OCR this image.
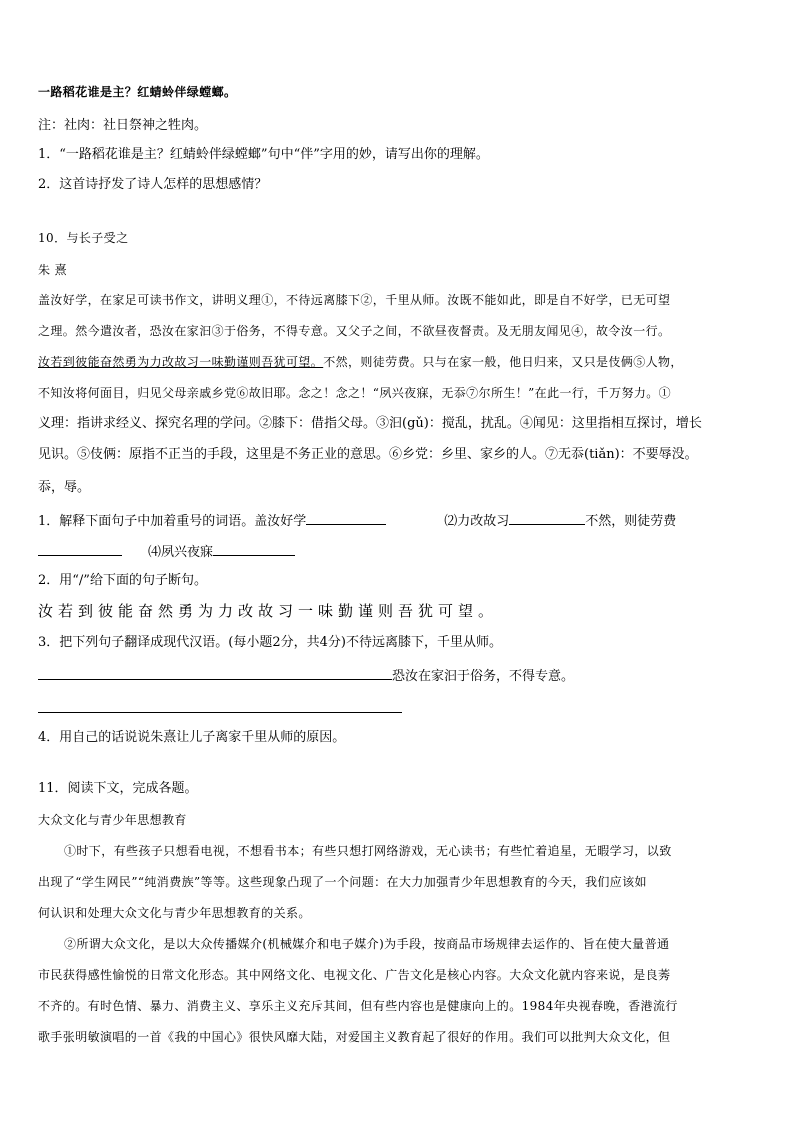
一路稻花谁是主？红蜻蛉伴绿螳螂。
注：社肉：社日祭神之牲肉。
1．“一路稻花谁是主？红蜻蛉伴绿螳螂”句中“伴”字用的妙，请写出你的理解。
2．这首诗抒发了诗人怎样的思想感情？
10．与长子受之
朱 熹
盖汝好学，在家足可读书作文，讲明义理①，不待远离膝下②，千里从师。汝既不能如此，即是自不好学，已无可望
之理。然今遣汝者，恐汝在家汩③于俗务，不得专意。又父子之间，不欲昼夜督责。及无朋友闻见④，故令汝一行。
汝若到彼能奋然勇为力改故习一味勤谨则吾犹可望。不然，则徒劳费。只与在家一般，他日归来，又只是伎俩⑤人物，
不知汝将何面目，归见父母亲戚乡党⑥故旧耶。念之！念之！“夙兴夜寐，无忝⑦尔所生！”在此一行，千万努力。①
义理：指讲求经义、探究名理的学问。②膝下：借指父母。③汩(gǔ)：搅乱，扰乱。④闻见：这里指相互探讨，增长
见识。⑤伎俩：原指不正当的手段，这里是不务正业的意思。⑥乡党：乡里、家乡的人。⑦无忝(tiǎn)：不要辱没。
忝，辱。
1．解释下面句子中加着重号的词语。盖汝好学	⑵力改故习	不然，则徒劳费
⑷夙兴夜寐
2．用“/”给下面的句子断句。
汝若到彼能奋然勇为力改故习一味勤谨则吾犹可望。
3．把下列句子翻译成现代汉语。(每小题2分，共4分)不待远离膝下，千里从师。
恐汝在家汩于俗务，不得专意。
4．用自己的话说说朱熹让儿子离家千里从师的原因。
11．阅读下文，完成各题。
大众文化与青少年思想教育
①时下，有些孩子只想看电视，不想看书本；有些只想打网络游戏，无心读书；有些忙着追星，无暇学习，以致
出现了“学生网民”“纯消费族”等等。这些现象凸现了一个问题：在大力加强青少年思想教育的今天，我们应该如
何认识和处理大众文化与青少年思想教育的关系。
②所谓大众文化，是以大众传播媒介(机械媒介和电子媒介)为手段，按商品市场规律去运作的、旨在使大量普通
市民获得感性愉悦的日常文化形态。其中网络文化、电视文化、广告文化是核心内容。大众文化就内容来说，是良莠
不齐的。有时色情、暴力、消费主义、享乐主义充斥其间，但有些内容也是健康向上的。1984年央视春晚，香港流行
歌手张明敏演唱的一首《我的中国心》很快风靡大陆，对爱国主义教育起了很好的作用。我们可以批判大众文化，但
